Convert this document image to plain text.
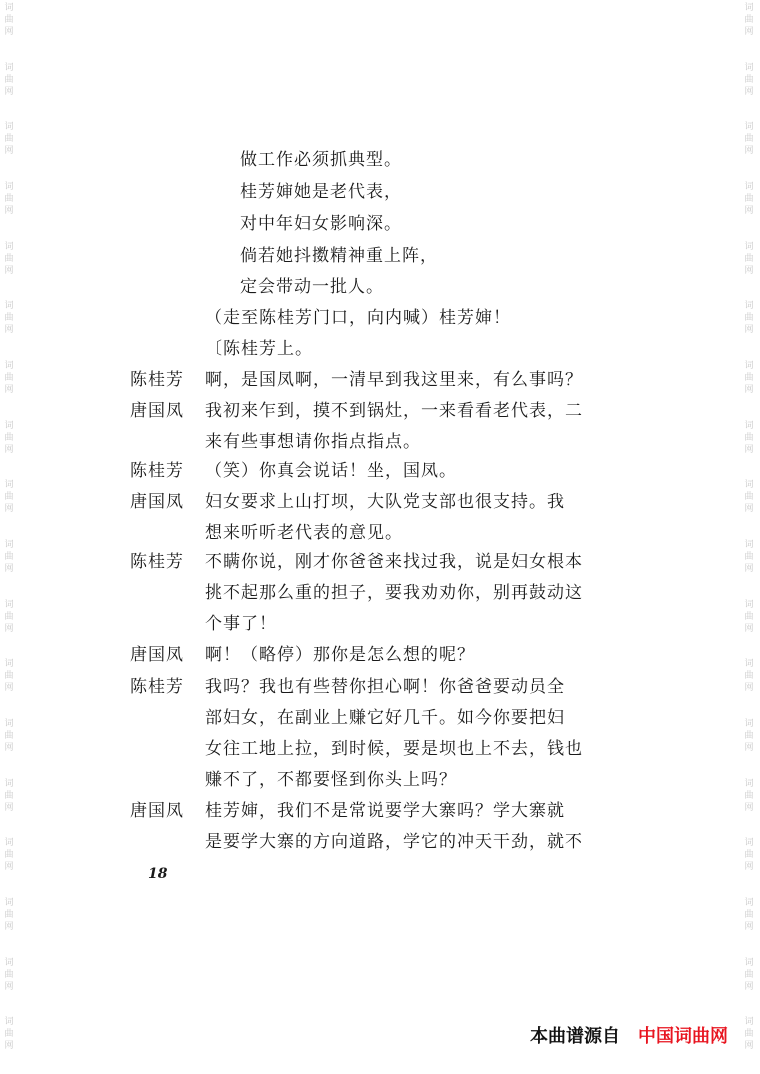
词
曲
网
词
曲
网
词
曲
网
词
曲
网
词
曲
网
词
曲
网
词
曲
网
词
曲
网
词
曲
网
词
曲
网
词
曲
网
词
曲
网
词
曲
网
词
曲
网
词
曲
网
词
曲
网
词
曲
网
词
曲
网
词
曲
网
词
曲
网
词
曲
网
词
曲
网
词
曲
网
词
曲
网
词
曲
网
词
曲
网
词
曲
网
词
曲
网
词
曲
网
词
曲
网
词
曲
网
词
曲
网
词
曲
网
词
曲
网
词
曲
网
词
曲
网
做工作必须抓典型。
桂芳婶她是老代表，
对中年妇女影响深。
倘若她抖擞精神重上阵，
定会带动一批人。
（走至陈桂芳门口，向内喊）桂芳婶！
〔陈桂芳上。
陈桂芳	啊，是国凤啊，一清早到我这里来，有么事吗？
唐国凤	我初来乍到，摸不到锅灶，一来看看老代表，二
来有些事想请你指点指点。
陈桂芳	（笑）你真会说话！坐，国凤。
唐国凤	妇女要求上山打坝，大队党支部也很支持。我
想来听听老代表的意见。
陈桂芳	不瞒你说，刚才你爸爸来找过我，说是妇女根本
挑不起那么重的担子，要我劝劝你，别再鼓动这
个事了！
唐国凤	啊！（略停）那你是怎么想的呢？
陈桂芳	我吗？我也有些替你担心啊！你爸爸要动员全
部妇女，在副业上赚它好几千。如今你要把妇
女往工地上拉，到时候，要是坝也上不去，钱也
赚不了，不都要怪到你头上吗？
唐国凤	桂芳婶，我们不是常说要学大寨吗？学大寨就
是要学大寨的方向道路，学它的冲天干劲，就不
18
本曲谱源自 中国词曲网
